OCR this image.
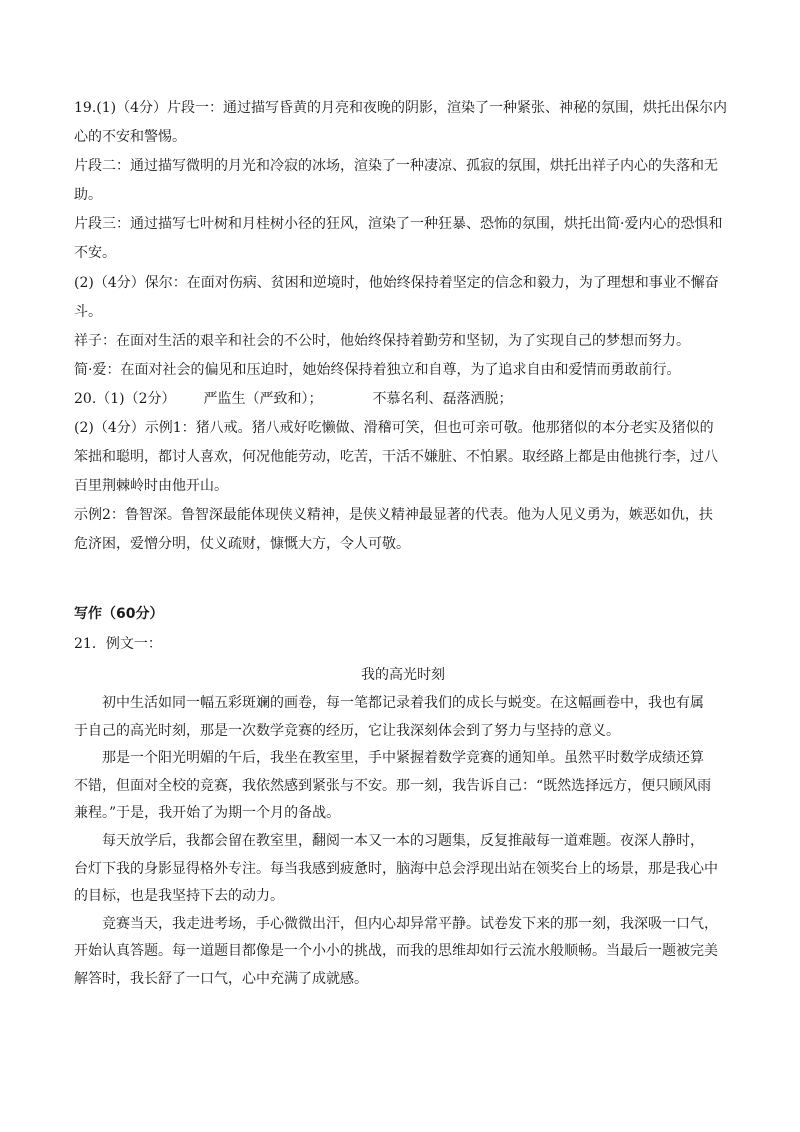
19.(1)（4分）片段一：通过描写昏黄的月亮和夜晚的阴影，渲染了一种紧张、神秘的氛围，烘托出保尔内

心的不安和警惕。

片段二：通过描写微明的月光和冷寂的冰场，渲染了一种凄凉、孤寂的氛围，烘托出祥子内心的失落和无

助。

片段三：通过描写七叶树和月桂树小径的狂风，渲染了一种狂暴、恐怖的氛围，烘托出简·爱内心的恐惧和

不安。

(2)（4分）保尔：在面对伤病、贫困和逆境时，他始终保持着坚定的信念和毅力，为了理想和事业不懈奋

斗。

祥子：在面对生活的艰辛和社会的不公时，他始终保持着勤劳和坚韧，为了实现自己的梦想而努力。

简·爱：在面对社会的偏见和压迫时，她始终保持着独立和自尊，为了追求自由和爱情而勇敢前行。

20.（1)（2分） 严监生（严致和）；	不慕名利、磊落洒脱；

(2)（4分）示例1：猪八戒。猪八戒好吃懒做、滑稽可笑，但也可亲可敬。他那猪似的本分老实及猪似的

笨拙和聪明，都讨人喜欢，何况他能劳动，吃苦，干活不嫌脏、不怕累。取经路上都是由他挑行李，过八

百里荆棘岭时由他开山。

示例2：鲁智深。鲁智深最能体现侠义精神，是侠义精神最显著的代表。他为人见义勇为，嫉恶如仇，扶

危济困，爱憎分明，仗义疏财，慷慨大方，令人可敬。

写作（60分）

21．例文一：

我的高光时刻

初中生活如同一幅五彩斑斓的画卷，每一笔都记录着我们的成长与蜕变。在这幅画卷中，我也有属

于自己的高光时刻，那是一次数学竞赛的经历，它让我深刻体会到了努力与坚持的意义。

那是一个阳光明媚的午后，我坐在教室里，手中紧握着数学竞赛的通知单。虽然平时数学成绩还算

不错，但面对全校的竞赛，我依然感到紧张与不安。那一刻，我告诉自己：“既然选择远方，便只顾风雨

兼程。”于是，我开始了为期一个月的备战。

每天放学后，我都会留在教室里，翻阅一本又一本的习题集，反复推敲每一道难题。夜深人静时，

台灯下我的身影显得格外专注。每当我感到疲惫时，脑海中总会浮现出站在领奖台上的场景，那是我心中

的目标，也是我坚持下去的动力。

竞赛当天，我走进考场，手心微微出汗，但内心却异常平静。试卷发下来的那一刻，我深吸一口气，

开始认真答题。每一道题目都像是一个小小的挑战，而我的思维却如行云流水般顺畅。当最后一题被完美

解答时，我长舒了一口气，心中充满了成就感。
